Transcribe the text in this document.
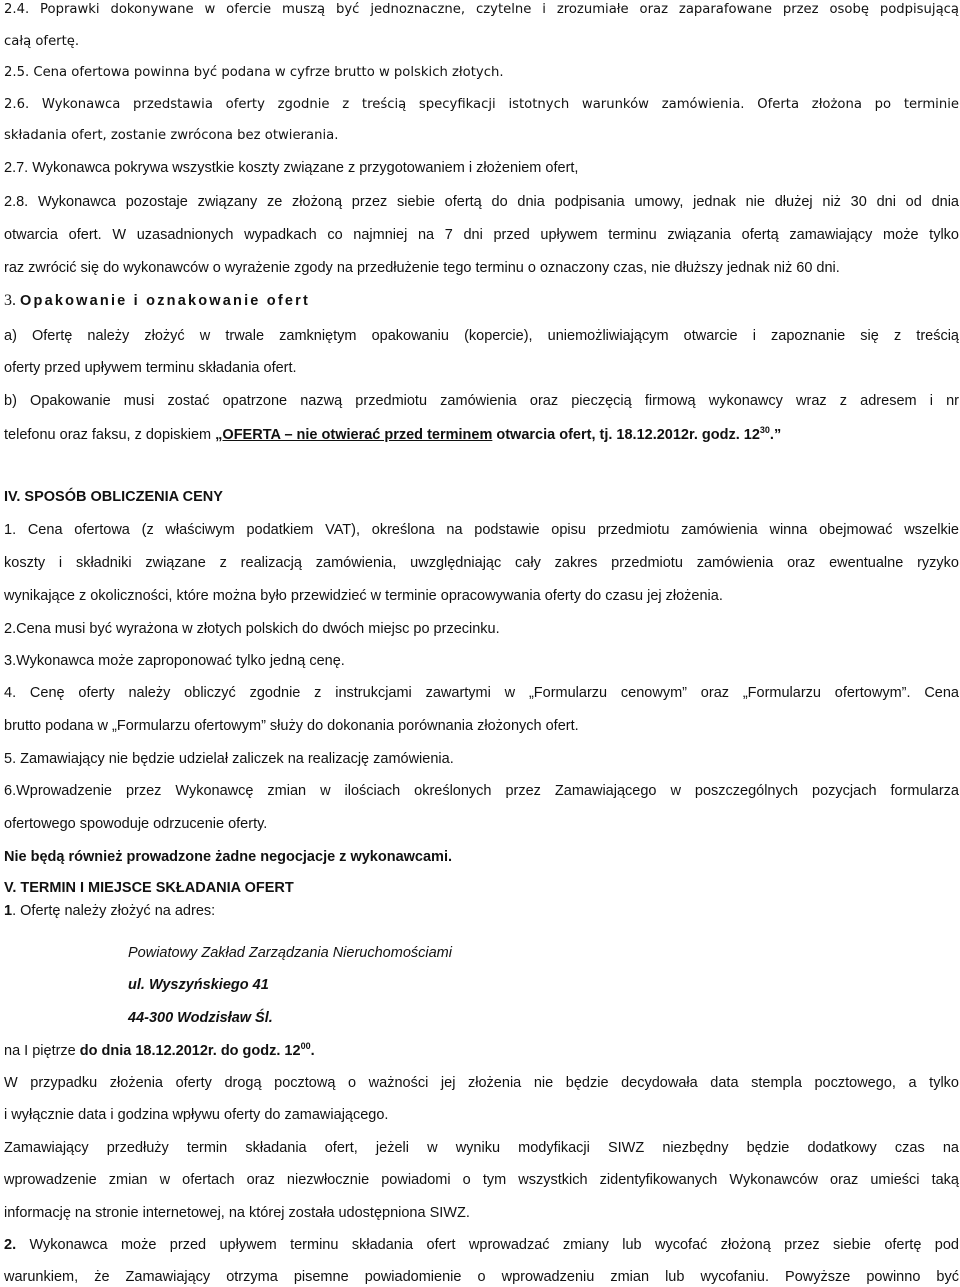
2.4. Poprawki dokonywane w ofercie muszą być jednoznaczne, czytelne i zrozumiałe oraz zaparafowane przez osobę podpisującą
całą ofertę.
2.5. Cena ofertowa powinna być podana w cyfrze brutto w polskich złotych.
2.6. Wykonawca przedstawia oferty zgodnie z treścią specyfikacji istotnych warunków zamówienia. Oferta złożona po terminie
składania ofert, zostanie zwrócona bez otwierania.
2.7. Wykonawca pokrywa wszystkie koszty związane z przygotowaniem i złożeniem ofert,
2.8. Wykonawca pozostaje związany ze złożoną przez siebie ofertą do dnia podpisania umowy, jednak nie dłużej niż 30 dni od dnia
otwarcia ofert. W uzasadnionych wypadkach co najmniej na 7 dni przed upływem terminu związania ofertą zamawiający może tylko
raz zwrócić się do wykonawców o wyrażenie zgody na przedłużenie tego terminu o oznaczony czas, nie dłuższy jednak niż 60 dni.
3. Opakowanie i oznakowanie ofert
a) Ofertę należy złożyć w trwale zamkniętym opakowaniu (kopercie), uniemożliwiającym otwarcie i zapoznanie się z treścią
oferty przed upływem terminu składania ofert.
b) Opakowanie musi zostać opatrzone nazwą przedmiotu zamówienia oraz pieczęcią firmową wykonawcy wraz z adresem i nr
telefonu oraz faksu, z dopiskiem „OFERTA – nie otwierać przed terminem otwarcia ofert, tj. 18.12.2012r. godz. $12^{30}$.”
IV. SPOSÓB OBLICZENIA CENY
1. Cena ofertowa (z właściwym podatkiem VAT), określona na podstawie opisu przedmiotu zamówienia winna obejmować wszelkie
koszty i składniki związane z realizacją zamówienia, uwzględniając cały zakres przedmiotu zamówienia oraz ewentualne ryzyko
wynikające z okoliczności, które można było przewidzieć w terminie opracowywania oferty do czasu jej złożenia.
2.Cena musi być wyrażona w złotych polskich do dwóch miejsc po przecinku.
3.Wykonawca może zaproponować tylko jedną cenę.
4. Cenę oferty należy obliczyć zgodnie z instrukcjami zawartymi w „Formularzu cenowym” oraz „Formularzu ofertowym”. Cena
brutto podana w „Formularzu ofertowym” służy do dokonania porównania złożonych ofert.
5. Zamawiający nie będzie udzielał zaliczek na realizację zamówienia.
6.Wprowadzenie przez Wykonawcę zmian w ilościach określonych przez Zamawiającego w poszczególnych pozycjach formularza
ofertowego spowoduje odrzucenie oferty.
Nie będą również prowadzone żadne negocjacje z wykonawcami.
V. TERMIN I MIEJSCE SKŁADANIA OFERT
1. Ofertę należy złożyć na adres:
Powiatowy Zakład Zarządzania Nieruchomościami
ul. Wyszyńskiego 41
44-300 Wodzisław Śl.
na I piętrze do dnia 18.12.2012r. do godz. $12^{00}$.
W przypadku złożenia oferty drogą pocztową o ważności jej złożenia nie będzie decydowała data stempla pocztowego, a tylko
i wyłącznie data i godzina wpływu oferty do zamawiającego.
Zamawiający przedłuży termin składania ofert, jeżeli w wyniku modyfikacji SIWZ niezbędny będzie dodatkowy czas na
wprowadzenie zmian w ofertach oraz niezwłocznie powiadomi o tym wszystkich zidentyfikowanych Wykonawców oraz umieści taką
informację na stronie internetowej, na której została udostępniona SIWZ.
2. Wykonawca może przed upływem terminu składania ofert wprowadzać zmiany lub wycofać złożoną przez siebie ofertę pod
warunkiem, że Zamawiający otrzyma pisemne powiadomienie o wprowadzeniu zmian lub wycofaniu. Powyższe powinno być
